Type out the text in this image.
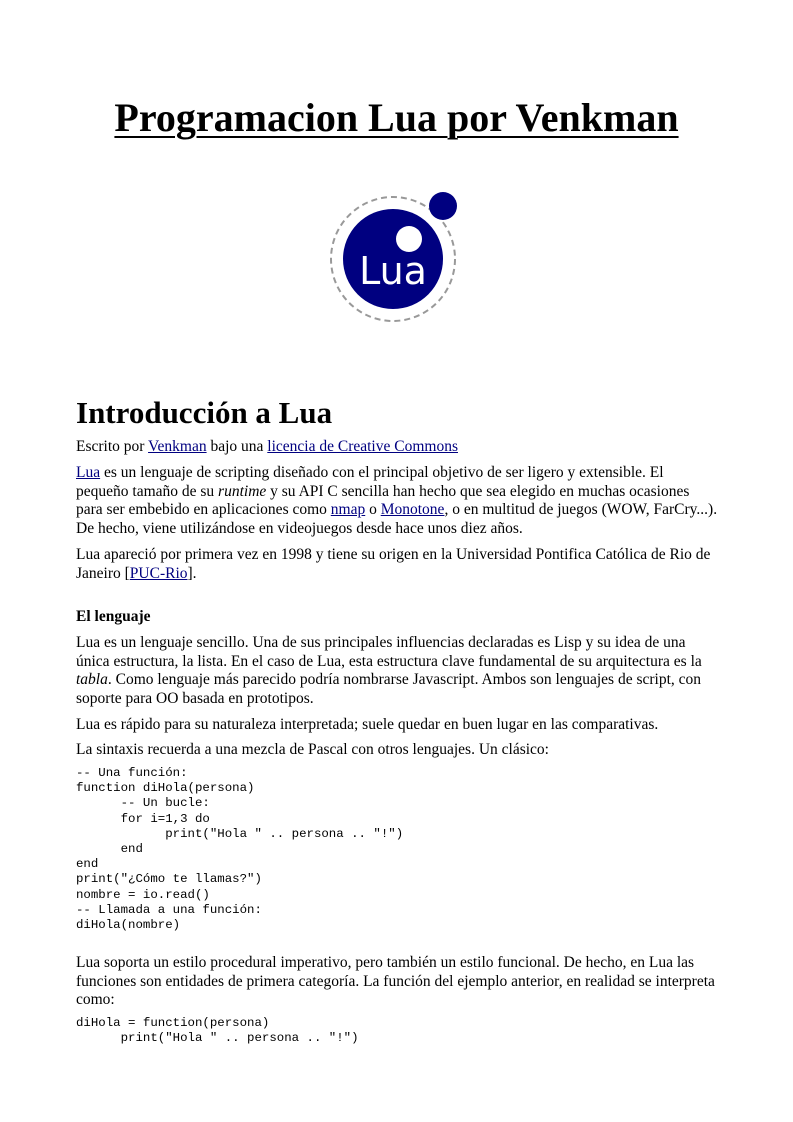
Programacion Lua por Venkman
Lua
Introducción a Lua

Escrito por Venkman bajo una licencia de Creative Commons

Lua es un lenguaje de scripting diseñado con el principal objetivo de ser ligero y extensible. El pequeño tamaño de su runtime y su API C sencilla han hecho que sea elegido en muchas ocasiones para ser embebido en aplicaciones como nmap o Monotone, o en multitud de juegos (WOW, FarCry...). De hecho, viene utilizándose en videojuegos desde hace unos diez años.

Lua apareció por primera vez en 1998 y tiene su origen en la Universidad Pontifica Católica de Rio de Janeiro [PUC-Rio].

El lenguaje

Lua es un lenguaje sencillo. Una de sus principales influencias declaradas es Lisp y su idea de una única estructura, la lista. En el caso de Lua, esta estructura clave fundamental de su arquitectura es la tabla. Como lenguaje más parecido podría nombrarse Javascript. Ambos son lenguajes de script, con soporte para OO basada en prototipos.

Lua es rápido para su naturaleza interpretada; suele quedar en buen lugar en las comparativas.

La sintaxis recuerda a una mezcla de Pascal con otros lenguajes. Un clásico:

-- Una función:
function diHola(persona)
-- Un bucle:
for i=1,3 do
print("Hola " .. persona .. "!")
end
end
print("¿Cómo te llamas?")
nombre = io.read()
-- Llamada a una función:
diHola(nombre)

Lua soporta un estilo procedural imperativo, pero también un estilo funcional. De hecho, en Lua las funciones son entidades de primera categoría. La función del ejemplo anterior, en realidad se interpreta como:

diHola = function(persona)
print("Hola " .. persona .. "!")
